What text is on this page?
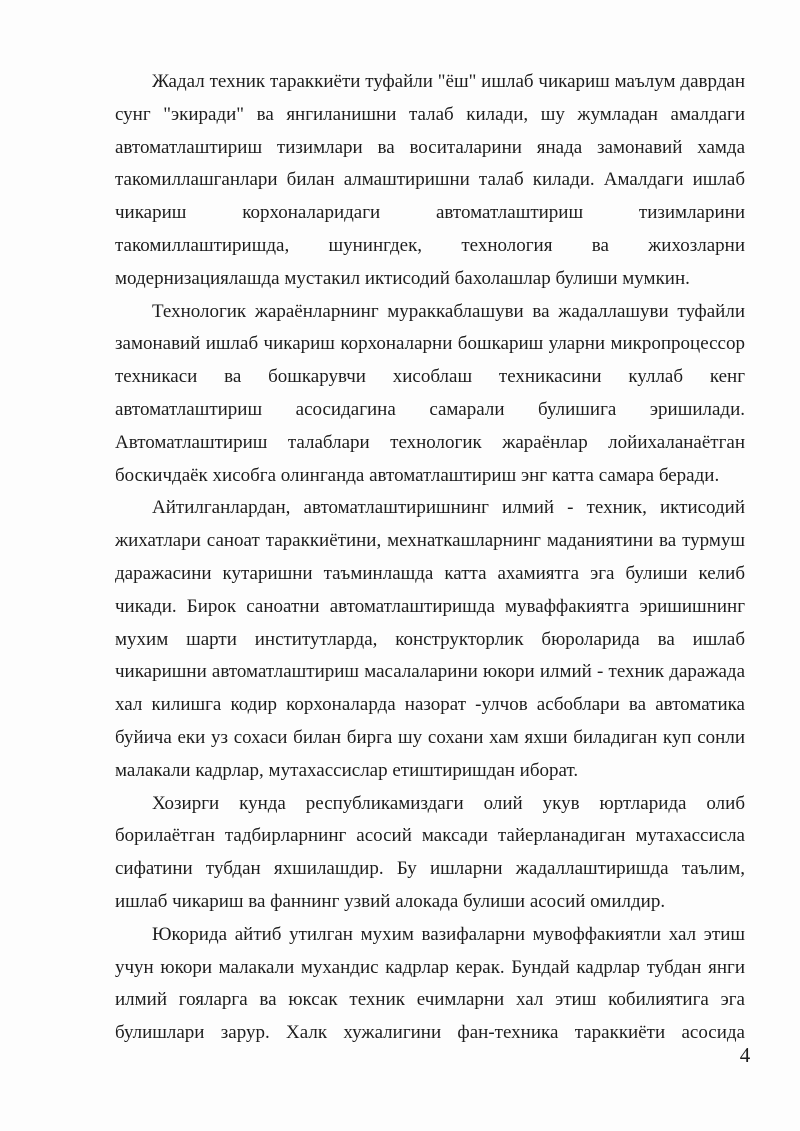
Жадал техник тараккиёти туфайли "ёш" ишлаб чикариш маълум даврдан
сунг "экиради" ва янгиланишни талаб килади, шу жумладан амалдаги
автоматлаштириш тизимлари ва воситаларини янада замонавий хамда
такомиллашганлари билан алмаштиришни талаб килади. Амалдаги ишлаб
чикариш корхоналаридаги автоматлаштириш тизимларини
такомиллаштиришда, шунингдек, технология ва жихозларни
модернизациялашда мустакил иктисодий бахолашлар булиши мумкин.
Технологик жараёнларнинг мураккаблашуви ва жадаллашуви туфайли
замонавий ишлаб чикариш корхоналарни бошкариш уларни микропроцессор
техникаси ва бошкарувчи хисоблаш техникасини куллаб кенг
автоматлаштириш асосидагина самарали булишига эришилади.
Автоматлаштириш талаблари технологик жараёнлар лойихаланаётган
боскичдаёк хисобга олинганда автоматлаштириш энг катта самара беради.
Айтилганлардан, автоматлаштиришнинг илмий - техник, иктисодий
жихатлари саноат тараккиётини, мехнаткашларнинг маданиятини ва турмуш
даражасини кутаришни таъминлашда катта ахамиятга эга булиши келиб
чикади. Бирок саноатни автоматлаштиришда муваффакиятга эришишнинг
мухим шарти институтларда, конструкторлик бюроларида ва ишлаб
чикаришни автоматлаштириш масалаларини юкори илмий - техник даражада
хал килишга кодир корхоналарда назорат -улчов асбоблари ва автоматика
буйича еки уз сохаси билан бирга шу сохани хам яхши биладиган куп сонли
малакали кадрлар, мутахассислар етиштиришдан иборат.
Хозирги кунда республикамиздаги олий укув юртларида олиб
борилаётган тадбирларнинг асосий максади тайерланадиган мутахассисла
сифатини тубдан яхшилашдир. Бу ишларни жадаллаштиришда таълим,
ишлаб чикариш ва фаннинг узвий алокада булиши асосий омилдир.
Юкорида айтиб утилган мухим вазифаларни мувоффакиятли хал этиш
учун юкори малакали мухандис кадрлар керак. Бундай кадрлар тубдан янги
илмий гояларга ва юксак техник ечимларни хал этиш кобилиятига эга
булишлари зарур. Халк хужалигини фан-техника тараккиёти асосида
4
